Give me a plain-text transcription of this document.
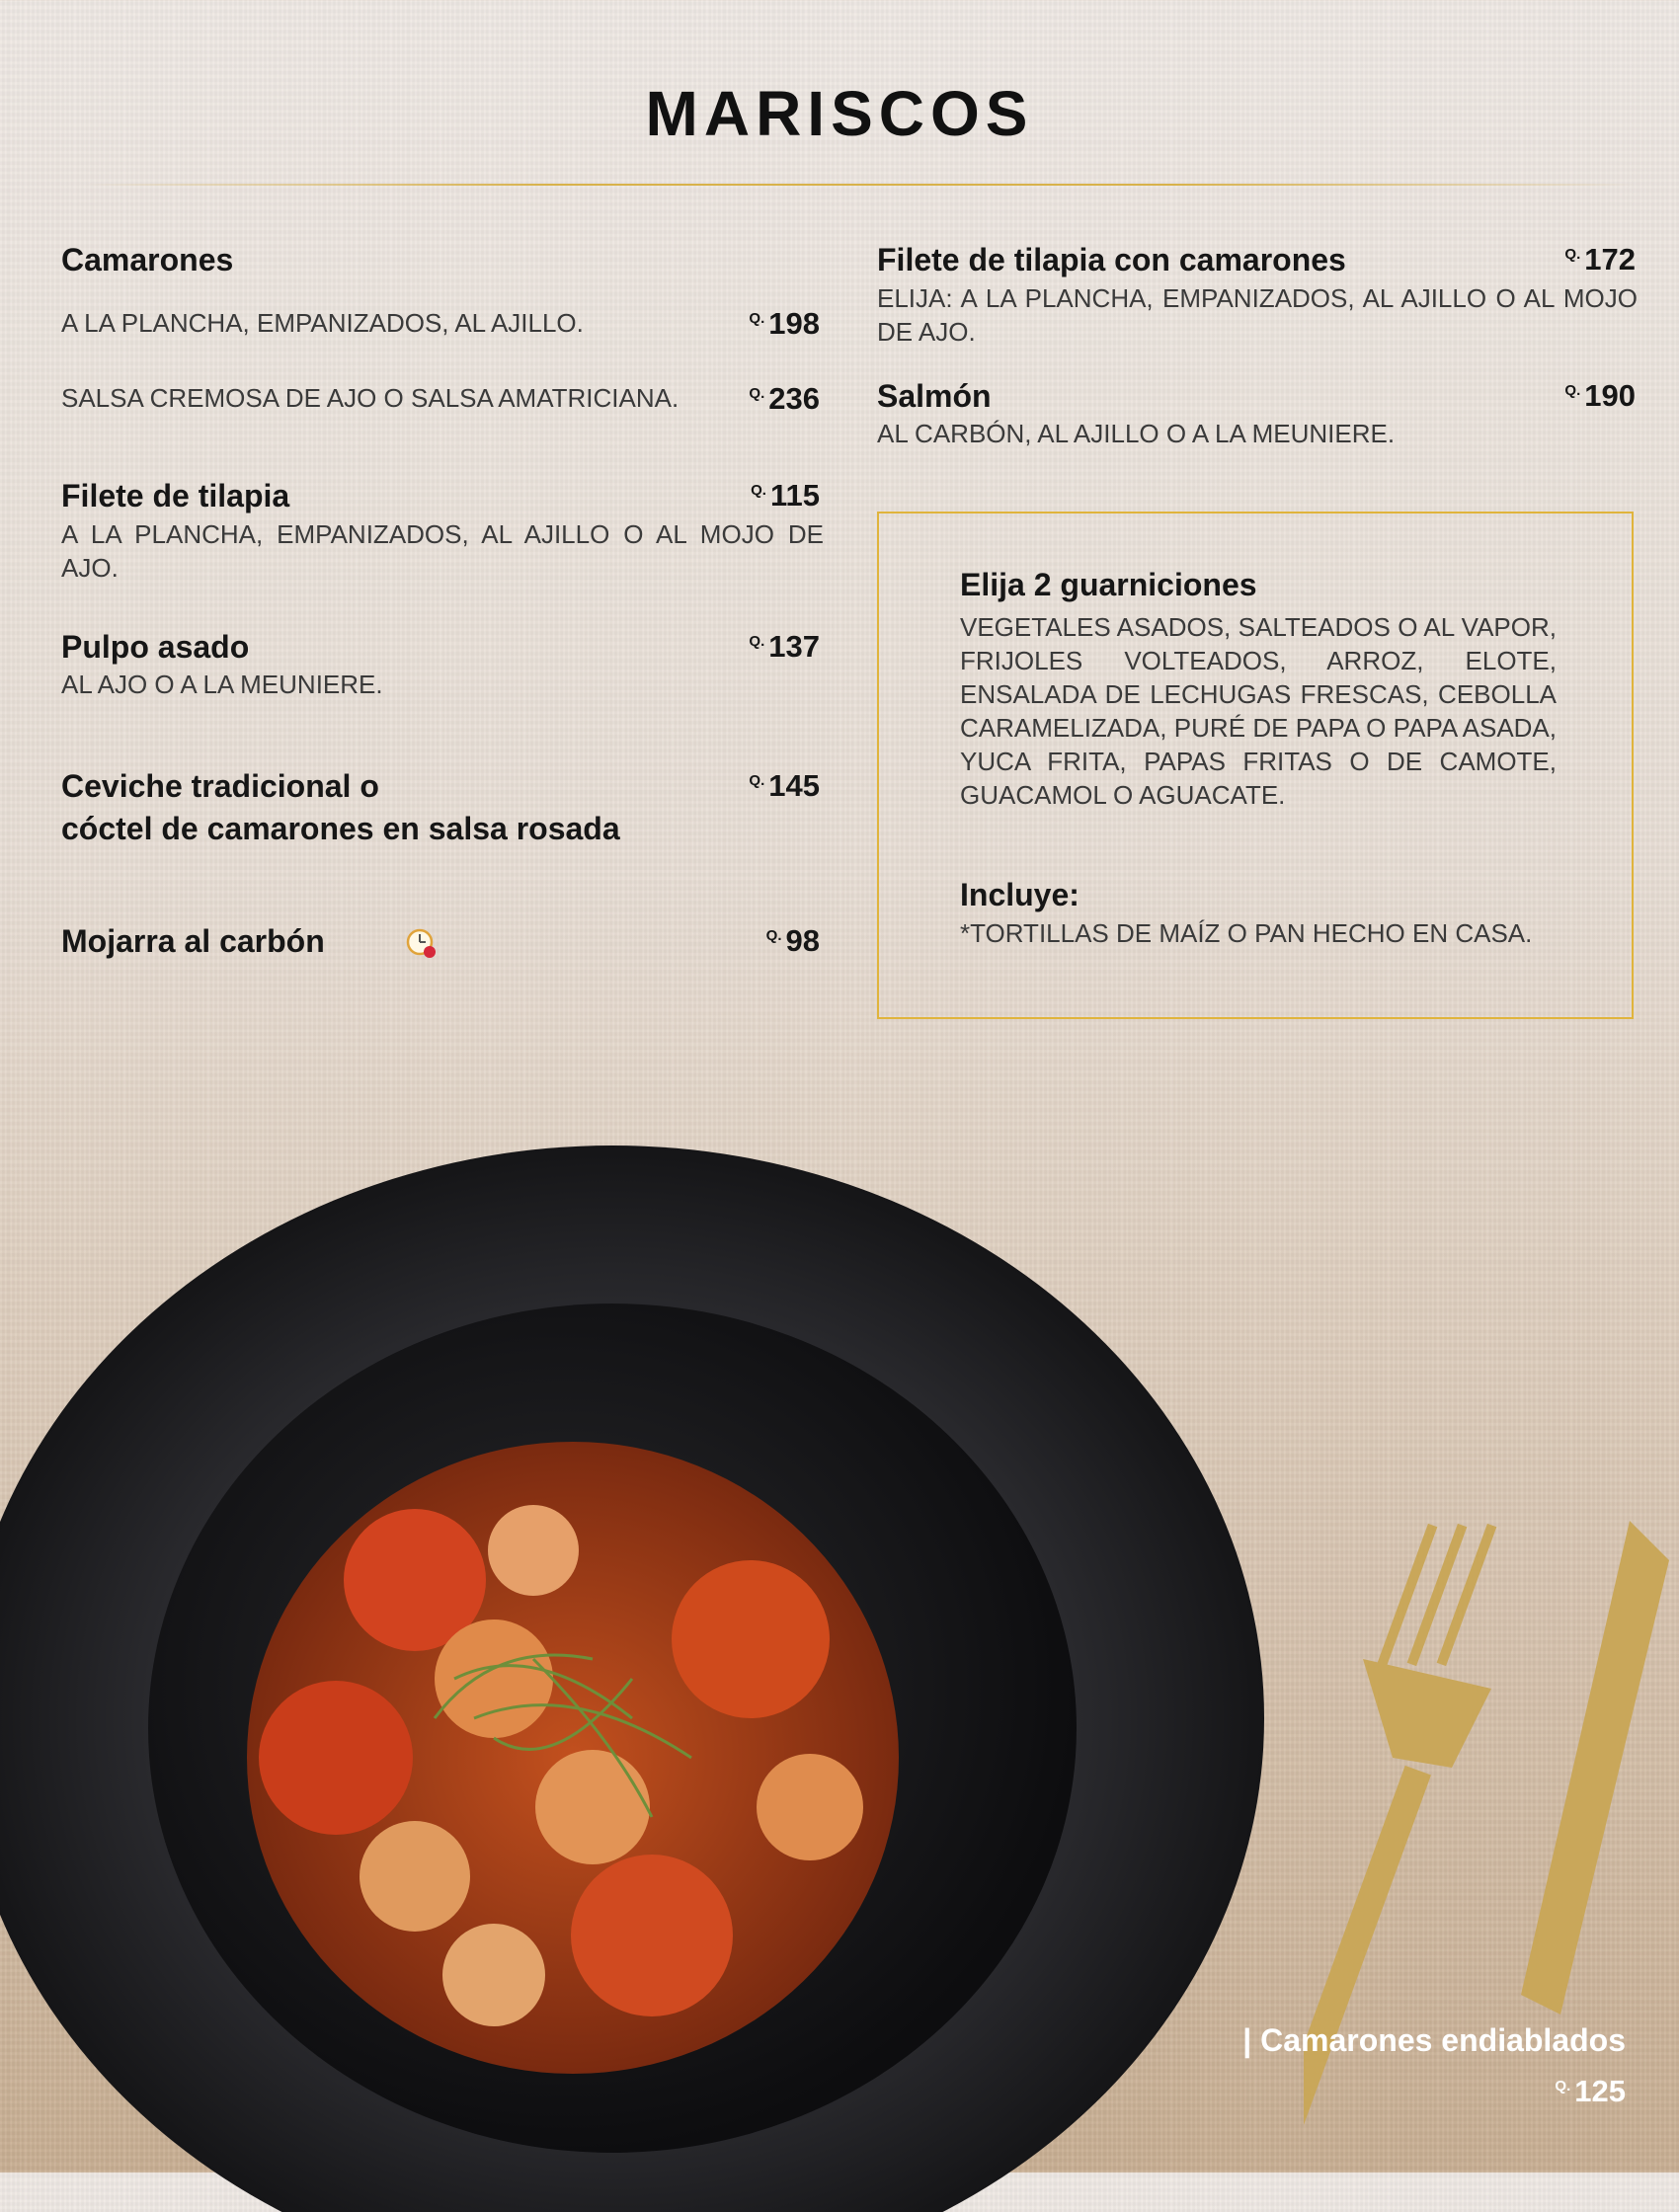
MARISCOS
Camarones
A LA PLANCHA, EMPANIZADOS, AL AJILLO.	$^{Q.}$ 198
SALSA CREMOSA DE AJO O SALSA AMATRICIANA.	$^{Q.}$ 236
Filete de tilapia	$^{Q.}$ 115
A LA PLANCHA, EMPANIZADOS, AL AJILLO O AL MOJO DE AJO.
Pulpo asado	$^{Q.}$ 137
AL AJO O A LA MEUNIERE.
Ceviche tradicional o
cóctel de camarones en salsa rosada
$^{Q.}$ 145
Mojarra al carbón	$^{Q.}$ 98
Filete de tilapia con camarones	$^{Q.}$ 172
ELIJA: A LA PLANCHA, EMPANIZADOS, AL AJILLO O AL MOJO DE AJO.
Salmón	$^{Q.}$ 190
AL CARBÓN, AL AJILLO O A LA MEUNIERE.
Elija 2 guarniciones
VEGETALES ASADOS, SALTEADOS O AL VAPOR, FRIJOLES VOLTEADOS, ARROZ, ELOTE, ENSALADA DE LECHUGAS FRESCAS, CEBOLLA CARAMELIZADA, PURÉ DE PAPA O PAPA ASADA, YUCA FRITA, PAPAS FRITAS O DE CAMOTE, GUACAMOL O AGUACATE.
Incluye:
*TORTILLAS DE MAÍZ O PAN HECHO EN CASA.
| Camarones endiablados
$^{Q.}$ 125
